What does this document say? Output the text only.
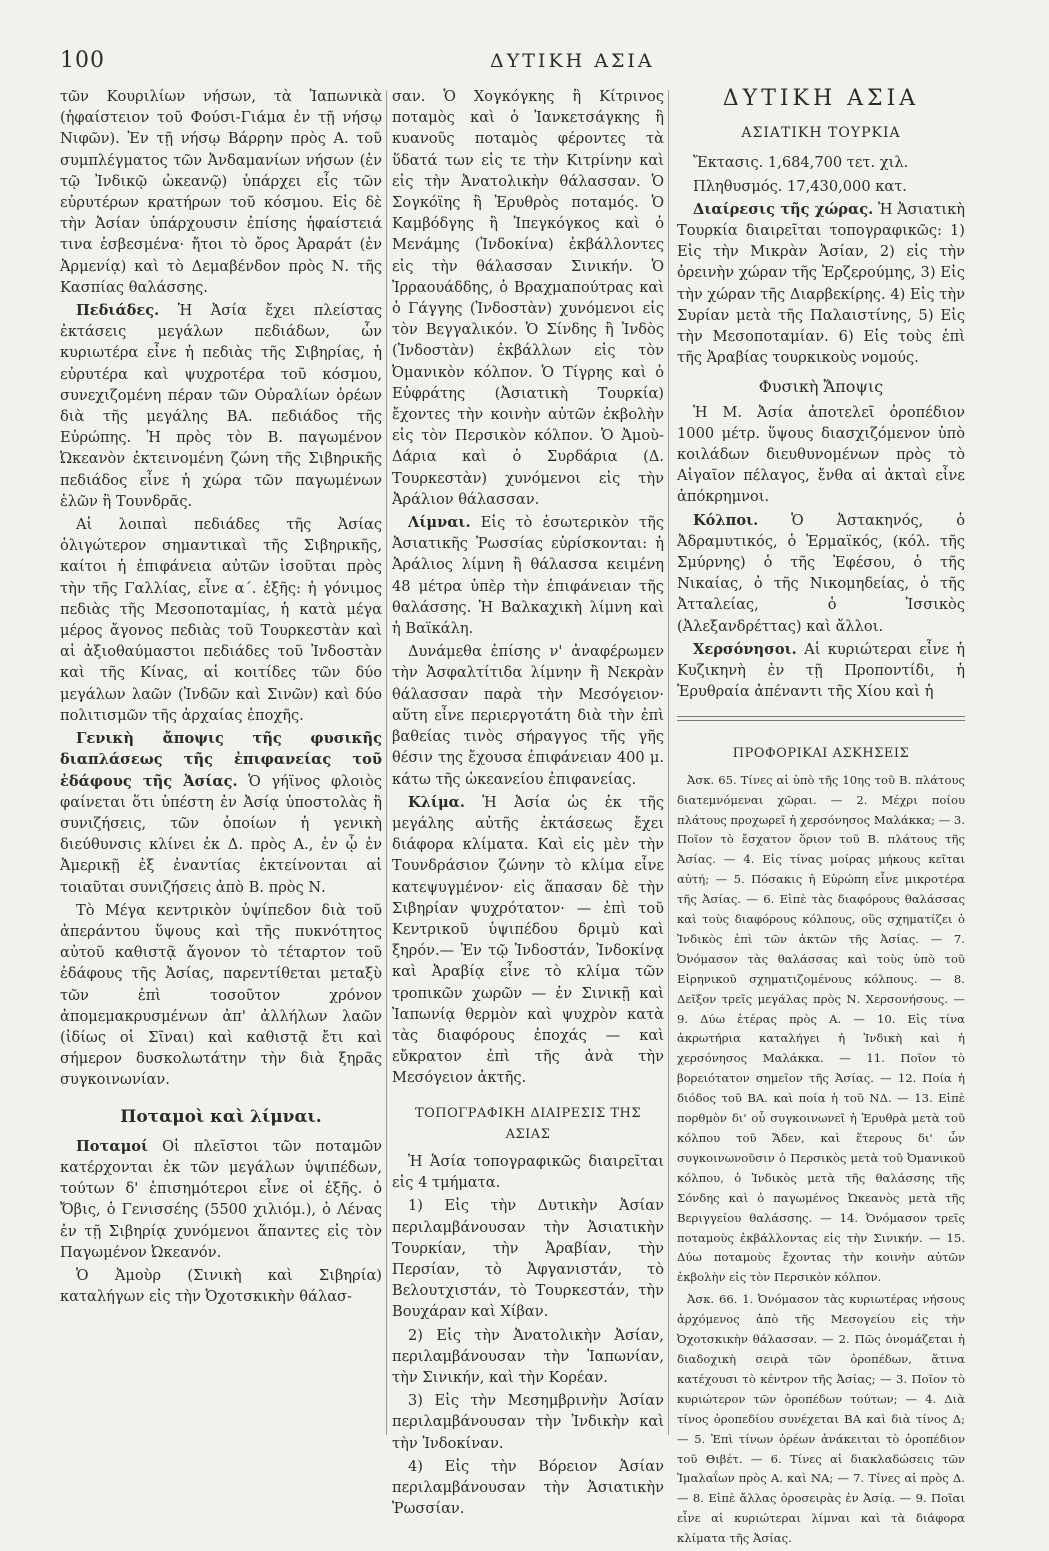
100	ΔΥΤΙΚΗ ΑΣΙΑ

τῶν Κουριλίων νήσων, τὰ Ἰαπωνικὰ (ἡφαίστειον τοῦ Φούσι-Γιάμα ἐν τῇ νήσῳ Νιφῶν). Ἐν τῇ νήσῳ Βάρρην πρὸς Α. τοῦ συμπλέγματος τῶν Ἀνδαμανίων νήσων (ἐν τῷ Ἰνδικῷ ὠκεανῷ) ὑπάρχει εἷς τῶν εὐρυτέρων κρατήρων τοῦ κόσμου. Εἰς δὲ τὴν Ἀσίαν ὑπάρχουσιν ἐπίσης ἡφαίστειά τινα ἐσβεσμένα· ἤτοι τὸ ὄρος Ἀραράτ (ἐν Ἀρμενίᾳ) καὶ τὸ Δεμαβένδον πρὸς Ν. τῆς Κασπίας θαλάσσης.

Πεδιάδες. Ἡ Ἀσία ἔχει πλείστας ἐκτάσεις μεγάλων πεδιάδων, ὧν κυριωτέρα εἶνε ἡ πεδιὰς τῆς Σιβηρίας, ἡ εὐρυτέρα καὶ ψυχροτέρα τοῦ κόσμου, συνεχιζομένη πέραν τῶν Οὐραλίων ὀρέων διὰ τῆς μεγάλης ΒΑ. πεδιάδος τῆς Εὐρώπης. Ἡ πρὸς τὸν Β. παγωμένον Ὠκεανὸν ἐκτεινομένη ζώνη τῆς Σιβηρικῆς πεδιάδος εἶνε ἡ χώρα τῶν παγωμένων ἑλῶν ἢ Τουνδρᾶς.

Αἱ λοιπαὶ πεδιάδες τῆς Ἀσίας ὀλιγώτερον σημαντικαὶ τῆς Σιβηρικῆς, καίτοι ἡ ἐπιφάνεια αὐτῶν ἰσοῦται πρὸς τὴν τῆς Γαλλίας, εἶνε α΄. ἐξῆς: ἡ γόνιμος πεδιὰς τῆς Μεσοποταμίας, ἡ κατὰ μέγα μέρος ἄγονος πεδιὰς τοῦ Τουρκεστὰν καὶ αἱ ἀξιοθαύμαστοι πεδιάδες τοῦ Ἰνδοστὰν καὶ τῆς Κίνας, αἱ κοιτίδες τῶν δύο μεγάλων λαῶν (Ἰνδῶν καὶ Σινῶν) καὶ δύο πολιτισμῶν τῆς ἀρχαίας ἐποχῆς.

Γενικὴ ἄποψις τῆς φυσικῆς διαπλάσεως τῆς ἐπιφανείας τοῦ ἐδάφους τῆς Ἀσίας. Ὁ γήϊνος φλοιὸς φαίνεται ὅτι ὑπέστη ἐν Ἀσίᾳ ὑποστολὰς ἢ συνιζήσεις, τῶν ὁποίων ἡ γενικὴ διεύθυνσις κλίνει ἐκ Δ. πρὸς Α., ἐν ᾧ ἐν Ἀμερικῇ ἐξ ἐναντίας ἐκτείνονται αἱ τοιαῦται συνιζήσεις ἀπὸ Β. πρὸς Ν.

Τὸ Μέγα κεντρικὸν ὑψίπεδον διὰ τοῦ ἀπεράντου ὕψους καὶ τῆς πυκνότητος αὐτοῦ καθιστᾷ ἄγονον τὸ τέταρτον τοῦ ἐδάφους τῆς Ἀσίας, παρεντίθεται μεταξὺ τῶν ἐπὶ τοσοῦτον χρόνον ἀπομεμακρυσμένων ἀπ' ἀλλήλων λαῶν (ἰδίως οἱ Σῖναι) καὶ καθιστᾷ ἔτι καὶ σήμερον δυσκολωτάτην τὴν διὰ ξηρᾶς συγκοινωνίαν.

Ποταμοὶ καὶ λίμναι.

Ποταμοί Οἱ πλεῖστοι τῶν ποταμῶν κατέρχονται ἐκ τῶν μεγάλων ὑψιπέδων, τούτων δ' ἐπισημότεροι εἶνε οἱ ἑξῆς. ὁ Ὄβις, ὁ Γενισσέης (5500 χιλιόμ.), ὁ Λένας ἐν τῇ Σιβηρίᾳ χυνόμενοι ἅπαντες εἰς τὸν Παγωμένον Ὠκεανόν.

Ὁ Ἀμοὺρ (Σινικὴ καὶ Σιβηρία) καταλήγων εἰς τὴν Ὀχοτσκικὴν θάλασ-

σαν. Ὁ Χογκόγκης ἢ Κίτρινος ποταμὸς καὶ ὁ Ἰανκετσάγκης ἢ κυανοῦς ποταμὸς φέροντες τὰ ὕδατά των εἰς τε τὴν Κιτρίνην καὶ εἰς τὴν Ἀνατολικὴν θάλασσαν. Ὁ Σογκόϊης ἢ Ἐρυθρὸς ποταμός. Ὁ Καμβόδγης ἢ Ἰπεγκόγκος καὶ ὁ Μενάμης (Ἰνδοκίνα) ἐκβάλλοντες εἰς τὴν θάλασσαν Σινικήν. Ὁ Ἰρραουάδδης, ὁ Βραχμαπούτρας καὶ ὁ Γάγγης (Ἰνδοστὰν) χυνόμενοι εἰς τὸν Βεγγαλικόν. Ὁ Σίνδης ἢ Ἰνδὸς (Ἰνδοστὰν) ἐκβάλλων εἰς τὸν Ὀμανικὸν κόλπον. Ὁ Τίγρης καὶ ὁ Εὐφράτης (Ἀσιατικὴ Τουρκία) ἔχοντες τὴν κοινὴν αὐτῶν ἐκβολὴν εἰς τὸν Περσικὸν κόλπον. Ὁ Ἀμοὺ-Δάρια καὶ ὁ Συρδάρια (Δ. Τουρκεστὰν) χυνόμενοι εἰς τὴν Ἀράλιον θάλασσαν.

Λίμναι. Εἰς τὸ ἐσωτερικὸν τῆς Ἀσιατικῆς Ῥωσσίας εὑρίσκονται: ἡ Ἀράλιος λίμνη ἢ θάλασσα κειμένη 48 μέτρα ὑπὲρ τὴν ἐπιφάνειαν τῆς θαλάσσης. Ἡ Βαλκαχικὴ λίμνη καὶ ἡ Βαϊκάλη.

Δυνάμεθα ἐπίσης ν' ἀναφέρωμεν τὴν Ἀσφαλτίτιδα λίμνην ἢ Νεκρὰν θάλασσαν παρὰ τὴν Μεσόγειον· αὕτη εἶνε περιεργοτάτη διὰ τὴν ἐπὶ βαθείας τινὸς σήραγγος τῆς γῆς θέσιν της ἔχουσα ἐπιφάνειαν 400 μ. κάτω τῆς ὠκεανείου ἐπιφανείας.

Κλίμα. Ἡ Ἀσία ὡς ἐκ τῆς μεγάλης αὐτῆς ἐκτάσεως ἔχει διάφορα κλίματα. Καὶ εἰς μὲν τὴν Τουνδράσιον ζώνην τὸ κλίμα εἶνε κατεψυγμένον· εἰς ἅπασαν δὲ τὴν Σιβηρίαν ψυχρότατον· — ἐπὶ τοῦ Κεντρικοῦ ὑψιπέδου δριμὺ καὶ ξηρόν.— Ἐν τῷ Ἰνδοστάν, Ἰνδοκίνᾳ καὶ Ἀραβίᾳ εἶνε τὸ κλίμα τῶν τροπικῶν χωρῶν — ἐν Σινικῇ καὶ Ἰαπωνίᾳ θερμὸν καὶ ψυχρὸν κατὰ τὰς διαφόρους ἐποχάς — καὶ εὔκρατον ἐπὶ τῆς ἀνὰ τὴν Μεσόγειον ἀκτῆς.

ΤΟΠΟΓΡΑΦΙΚΗ ΔΙΑΙΡΕΣΙΣ ΤΗΣ ΑΣΙΑΣ

Ἡ Ἀσία τοπογραφικῶς διαιρεῖται εἰς 4 τμήματα.

1) Εἰς τὴν Δυτικὴν Ἀσίαν περιλαμβάνουσαν τὴν Ἀσιατικὴν Τουρκίαν, τὴν Ἀραβίαν, τὴν Περσίαν, τὸ Ἀφγανιστάν, τὸ Βελουτχιστάν, τὸ Τουρκεστάν, τὴν Βουχάραν καὶ Χίβαν.

2) Εἰς τὴν Ἀνατολικὴν Ἀσίαν, περιλαμβάνουσαν τὴν Ἰαπωνίαν, τὴν Σινικήν, καὶ τὴν Κορέαν.

3) Εἰς τὴν Μεσημβρινὴν Ἀσίαν περιλαμβάνουσαν τὴν Ἰνδικὴν καὶ τὴν Ἰνδοκίναν.

4) Εἰς τὴν Βόρειον Ἀσίαν περιλαμβάνουσαν τὴν Ἀσιατικὴν Ῥωσσίαν.

ΔΥΤΙΚΗ ΑΣΙΑ
ΑΣΙΑΤΙΚΗ ΤΟΥΡΚΙΑ

Ἔκτασις. 1,684,700 τετ. χιλ.

Πληθυσμός. 17,430,000 κατ.

Διαίρεσις τῆς χώρας. Ἡ Ἀσιατικὴ Τουρκία διαιρεῖται τοπογραφικῶς: 1) Εἰς τὴν Μικρὰν Ἀσίαν, 2) εἰς τὴν ὀρεινὴν χώραν τῆς Ἐρζερούμης, 3) Εἰς τὴν χώραν τῆς Διαρβεκίρης. 4) Εἰς τὴν Συρίαν μετὰ τῆς Παλαιστίνης, 5) Εἰς τὴν Μεσοποταμίαν. 6) Εἰς τοὺς ἐπὶ τῆς Ἀραβίας τουρκικοὺς νομούς.

Φυσικὴ Ἄποψις

Ἡ Μ. Ἀσία ἀποτελεῖ ὀροπέδιον 1000 μέτρ. ὕψους διασχιζόμενον ὑπὸ κοιλάδων διευθυνομένων πρὸς τὸ Αἰγαῖον πέλαγος, ἔνθα αἱ ἀκταὶ εἶνε ἀπόκρημνοι.

Κόλποι. Ὁ Ἀστακηνός, ὁ Ἀδραμυτικός, ὁ Ἑρμαϊκός, (κόλ. τῆς Σμύρνης) ὁ τῆς Ἐφέσου, ὁ τῆς Νικαίας, ὁ τῆς Νικομηδείας, ὁ τῆς Ἀτταλείας, ὁ Ἰσσικὸς (Ἀλεξανδρέττας) καὶ ἄλλοι.

Χερσόνησοι. Αἱ κυριώτεραι εἶνε ἡ Κυζικηνὴ ἐν τῇ Προποντίδι, ἡ Ἐρυθραία ἀπέναντι τῆς Χίου καὶ ἡ

ΠΡΟΦΟΡΙΚΑΙ ΑΣΚΗΣΕΙΣ

Ἀσκ. 65. Τίνες αἱ ὑπὸ τῆς 10ης τοῦ Β. πλάτους διατεμνόμεναι χῶραι. — 2. Μέχρι ποίου πλάτους προχωρεῖ ἡ χερσόνησος Μαλάκκα; — 3. Ποῖον τὸ ἔσχατον ὅριον τοῦ Β. πλάτους τῆς Ἀσίας. — 4. Εἰς τίνας μοίρας μήκους κεῖται αὐτή; — 5. Πόσακις ἡ Εὐρώπη εἶνε μικροτέρα τῆς Ἀσίας. — 6. Εἰπὲ τὰς διαφόρους θαλάσσας καὶ τοὺς διαφόρους κόλπους, οὓς σχηματίζει ὁ Ἰνδικὸς ἐπὶ τῶν ἀκτῶν τῆς Ἀσίας. — 7. Ὀνόμασον τὰς θαλάσσας καὶ τοὺς ὑπὸ τοῦ Εἰρηνικοῦ σχηματιζομένους κόλπους. — 8. Δεῖξον τρεῖς μεγάλας πρὸς Ν. Χερσονήσους. — 9. Δύω ἑτέρας πρὸς Α. — 10. Εἰς τίνα ἀκρωτήρια καταλήγει ἡ Ἰνδικὴ καὶ ἡ χερσόνησος Μαλάκκα. — 11. Ποῖον τὸ βορειότατον σημεῖον τῆς Ἀσίας. — 12. Ποία ἡ διόδος τοῦ ΒΑ. καὶ ποία ἡ τοῦ ΝΔ. — 13. Εἰπὲ πορθμὸν δι' οὗ συγκοινωνεῖ ἡ Ἐρυθρὰ μετὰ τοῦ κόλπου τοῦ Ἄδεν, καὶ ἕτερους δι' ὧν συγκοινωνοῦσιν ὁ Περσικὸς μετὰ τοῦ Ὀμανικοῦ κόλπου, ὁ Ἰνδικὸς μετὰ τῆς θαλάσσης τῆς Σόνδης καὶ ὁ παγωμένος Ὠκεανὸς μετὰ τῆς Βεριγγείου θαλάσσης. — 14. Ὀνόμασον τρεῖς ποταμοὺς ἐκβάλλοντας εἰς τὴν Σινικήν. — 15. Δύω ποταμοὺς ἔχοντας τὴν κοινὴν αὐτῶν ἐκβολὴν εἰς τὸν Περσικὸν κόλπον.

Ἀσκ. 66. 1. Ὀνόμασον τὰς κυριωτέρας νήσους ἀρχόμενος ἀπὸ τῆς Μεσογείου εἰς τὴν Ὀχοτσκικὴν θάλασσαν. — 2. Πῶς ὀνομάζεται ἡ διαδοχικὴ σειρὰ τῶν ὀροπέδων, ἅτινα κατέχουσι τὸ κέντρον τῆς Ἀσίας; — 3. Ποῖον τὸ κυριώτερον τῶν ὀροπέδων τούτων; — 4. Διὰ τίνος ὀροπεδίου συνέχεται ΒΑ καὶ διὰ τίνος Δ; — 5. Ἐπὶ τίνων ὀρέων ἀνάκειται τὸ ὀροπέδιον τοῦ Θιβέτ. — 6. Τίνες αἱ διακλαδώσεις τῶν Ἰμαλαΐων πρὸς Α. καὶ ΝΑ; — 7. Τίνες αἱ πρὸς Δ. — 8. Εἰπὲ ἄλλας ὀροσειρὰς ἐν Ἀσίᾳ. — 9. Ποῖαι εἶνε αἱ κυριώτεραι λίμναι καὶ τὰ διάφορα κλίματα τῆς Ἀσίας.
